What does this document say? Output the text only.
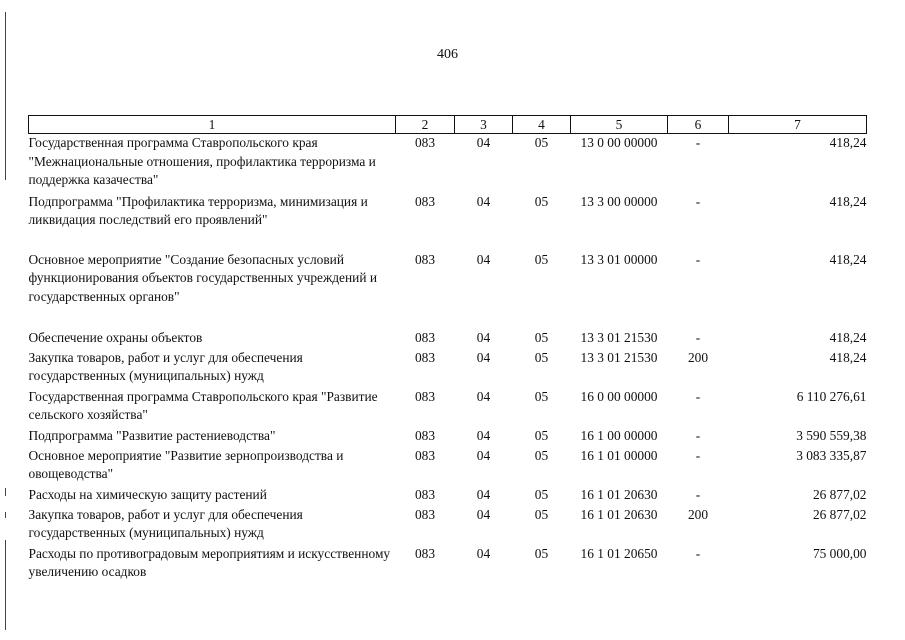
406
1	2	3	4	5	6	7
Государственная программа Ставропольского края "Межнациональные отношения, профилактика терроризма и поддержка казачества"	083	04	05	13 0 00 00000	-	418,24
Подпрограмма "Профилактика терроризма, минимизация и ликвидация последствий его проявлений"	083	04	05	13 3 00 00000	-	418,24
Основное мероприятие "Создание безопасных условий функционирования объектов государственных учреждений и государственных органов"	083	04	05	13 3 01 00000	-	418,24
Обеспечение охраны объектов	083	04	05	13 3 01 21530	-	418,24
Закупка товаров, работ и услуг для обеспечения государственных (муниципальных) нужд	083	04	05	13 3 01 21530	200	418,24
Государственная программа Ставропольского края "Развитие сельского хозяйства"	083	04	05	16 0 00 00000	-	6 110 276,61
Подпрограмма "Развитие растениеводства"	083	04	05	16 1 00 00000	-	3 590 559,38
Основное мероприятие "Развитие зернопроизводства и овощеводства"	083	04	05	16 1 01 00000	-	3 083 335,87
Расходы на химическую защиту растений	083	04	05	16 1 01 20630	-	26 877,02
Закупка товаров, работ и услуг для обеспечения государственных (муниципальных) нужд	083	04	05	16 1 01 20630	200	26 877,02
Расходы по противоградовым мероприятиям и искусственному увеличению осадков	083	04	05	16 1 01 20650	-	75 000,00
